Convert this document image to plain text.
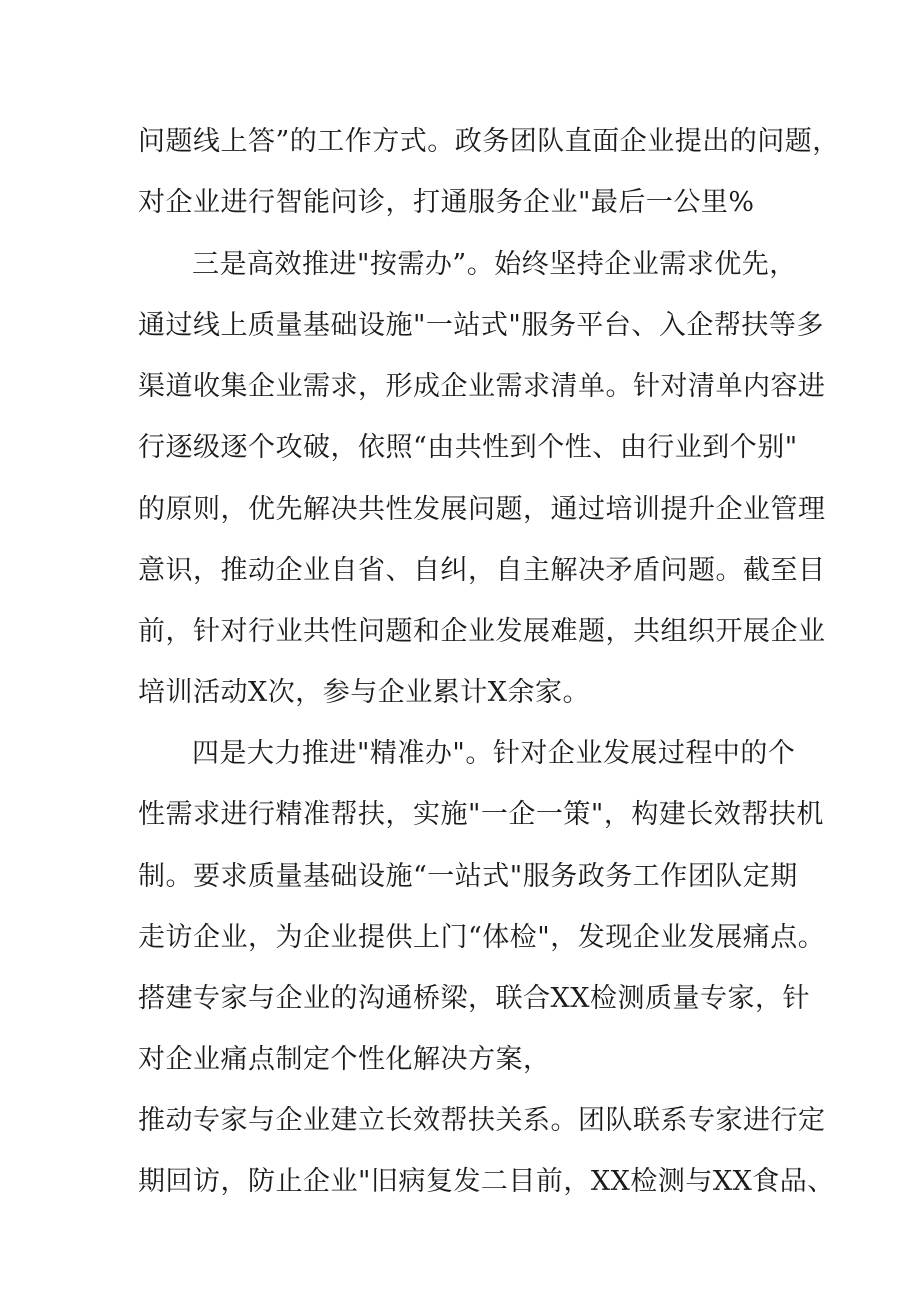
问题线上答”的工作方式。政务团队直面企业提出的问题，
对企业进行智能问诊，打通服务企业"最后一公里%
三是高效推进"按需办”。始终坚持企业需求优先，
通过线上质量基础设施"一站式"服务平台、入企帮扶等多
渠道收集企业需求，形成企业需求清单。针对清单内容进
行逐级逐个攻破，依照“由共性到个性、由行业到个别"
的原则，优先解决共性发展问题，通过培训提升企业管理
意识，推动企业自省、自纠，自主解决矛盾问题。截至目
前，针对行业共性问题和企业发展难题，共组织开展企业
培训活动X次，参与企业累计X余家。
四是大力推进"精准办"。针对企业发展过程中的个
性需求进行精准帮扶，实施"一企一策"，构建长效帮扶机
制。要求质量基础设施“一站式"服务政务工作团队定期
走访企业，为企业提供上门“体检"，发现企业发展痛点。
搭建专家与企业的沟通桥梁，联合XX检测质量专家，针
对企业痛点制定个性化解决方案，
推动专家与企业建立长效帮扶关系。团队联系专家进行定
期回访，防止企业"旧病复发二目前，XX检测与XX食品、
